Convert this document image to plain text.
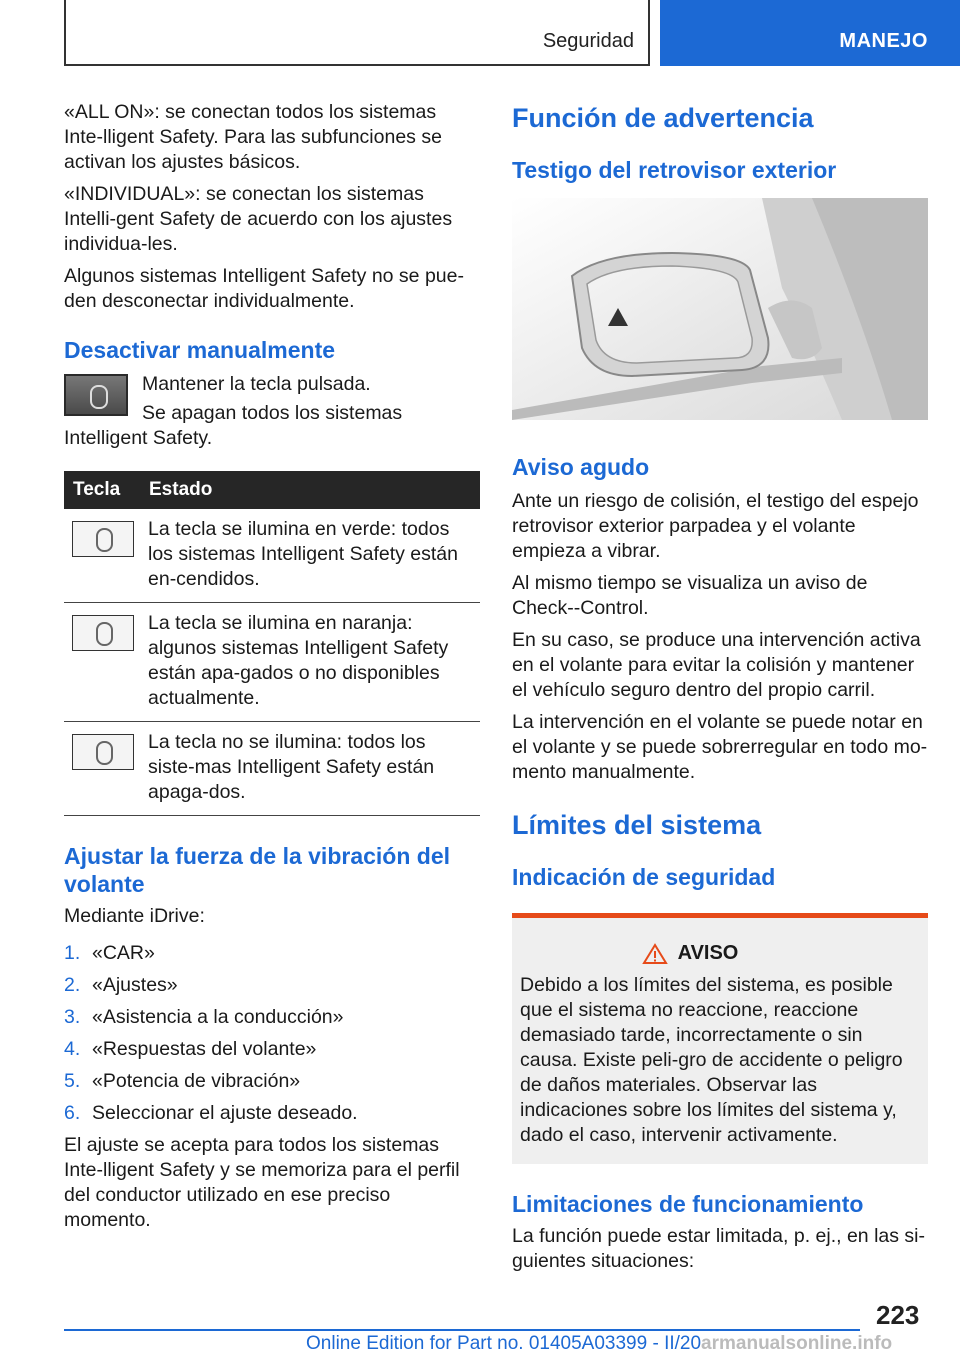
Seguridad	MANEJO

«ALL ON»: se conectan todos los sistemas Inte-lligent Safety. Para las subfunciones se activan los ajustes básicos.

«INDIVIDUAL»: se conectan los sistemas Intelli-gent Safety de acuerdo con los ajustes individua-les.

Algunos sistemas Intelligent Safety no se pue-den desconectar individualmente.

Desactivar manualmente

Mantener la tecla pulsada.

Se apagan todos los sistemas Intelligent Safety.

Tecla	Estado
	La tecla se ilumina en verde: todos los sistemas Intelligent Safety están en-cendidos.
	La tecla se ilumina en naranja: algunos sistemas Intelligent Safety están apa-gados o no disponibles actualmente.
	La tecla no se ilumina: todos los siste-mas Intelligent Safety están apaga-dos.
Ajustar la fuerza de la vibración del volante

Mediante iDrive:

1. «CAR»
2. «Ajustes»
3. «Asistencia a la conducción»
4. «Respuestas del volante»
5. «Potencia de vibración»
6. Seleccionar el ajuste deseado.

El ajuste se acepta para todos los sistemas Inte-lligent Safety y se memoriza para el perfil del conductor utilizado en ese preciso momento.

Función de advertencia
Testigo del retrovisor exterior
Aviso agudo

Ante un riesgo de colisión, el testigo del espejo retrovisor exterior parpadea y el volante empieza a vibrar.

Al mismo tiempo se visualiza un aviso de Check--Control.

En su caso, se produce una intervención activa en el volante para evitar la colisión y mantener el vehículo seguro dentro del propio carril.

La intervención en el volante se puede notar en el volante y se puede sobrerregular en todo mo-mento manualmente.

Límites del sistema
Indicación de seguridad
AVISO

Debido a los límites del sistema, es posible que el sistema no reaccione, reaccione demasiado tarde, incorrectamente o sin causa. Existe peli-gro de accidente o peligro de daños materiales. Observar las indicaciones sobre los límites del sistema y, dado el caso, intervenir activamente.

Limitaciones de funcionamiento

La función puede estar limitada, p. ej., en las si-guientes situaciones:

223
Online Edition for Part no. 01405A03399 - II/20armanualsonline.info
